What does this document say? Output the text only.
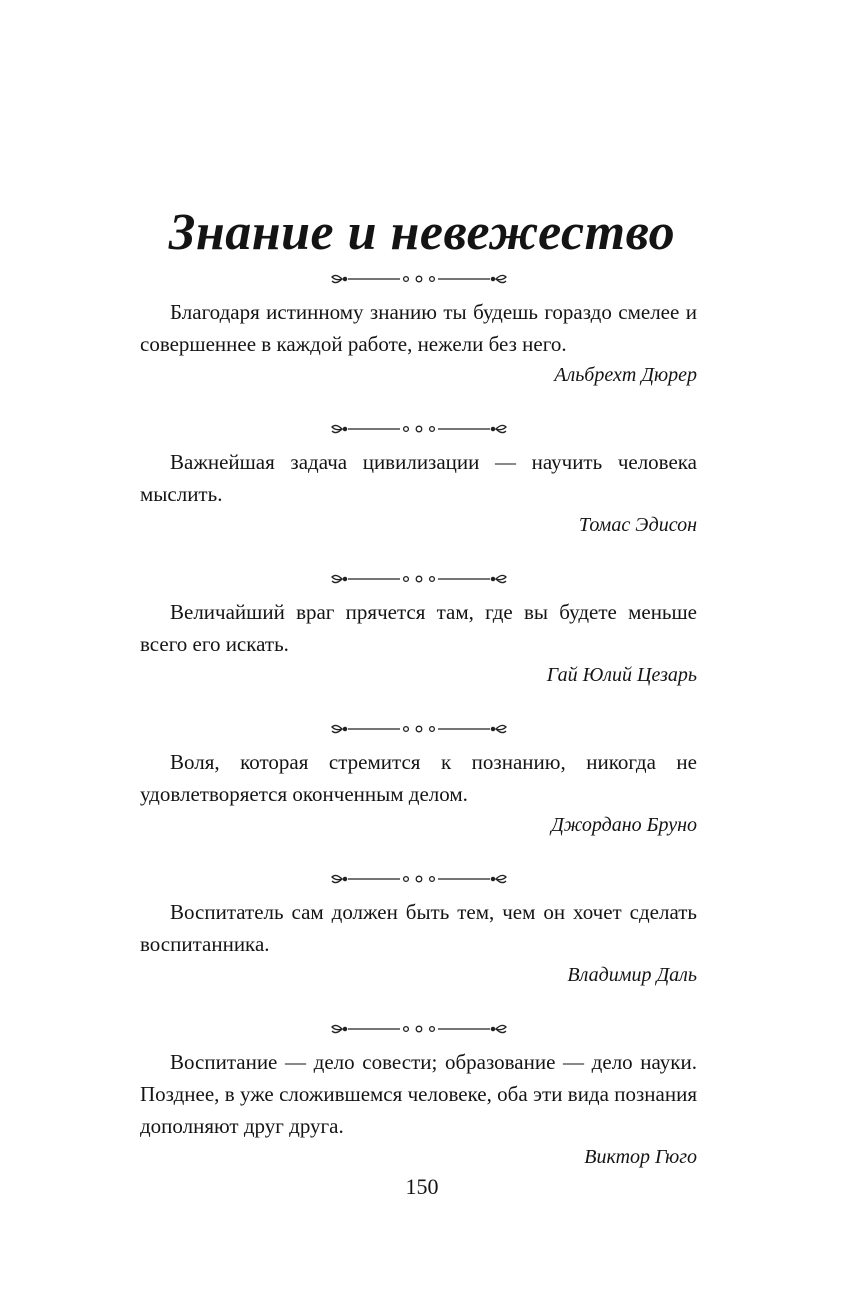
Знание и невежество

Благодаря истинному знанию ты будешь гораздо смелее и совершеннее в каждой работе, нежели без него.

Альбрехт Дюрер

Важнейшая задача цивилизации — научить человека мыслить.

Томас Эдисон

Величайший враг прячется там, где вы будете меньше всего его искать.

Гай Юлий Цезарь

Воля, которая стремится к познанию, никогда не удовлетворяется оконченным делом.

Джордано Бруно

Воспитатель сам должен быть тем, чем он хочет сделать воспитанника.

Владимир Даль

Воспитание — дело совести; образование — дело науки. Позднее, в уже сложившемся человеке, оба эти вида познания дополняют друг друга.

Виктор Гюго

150
